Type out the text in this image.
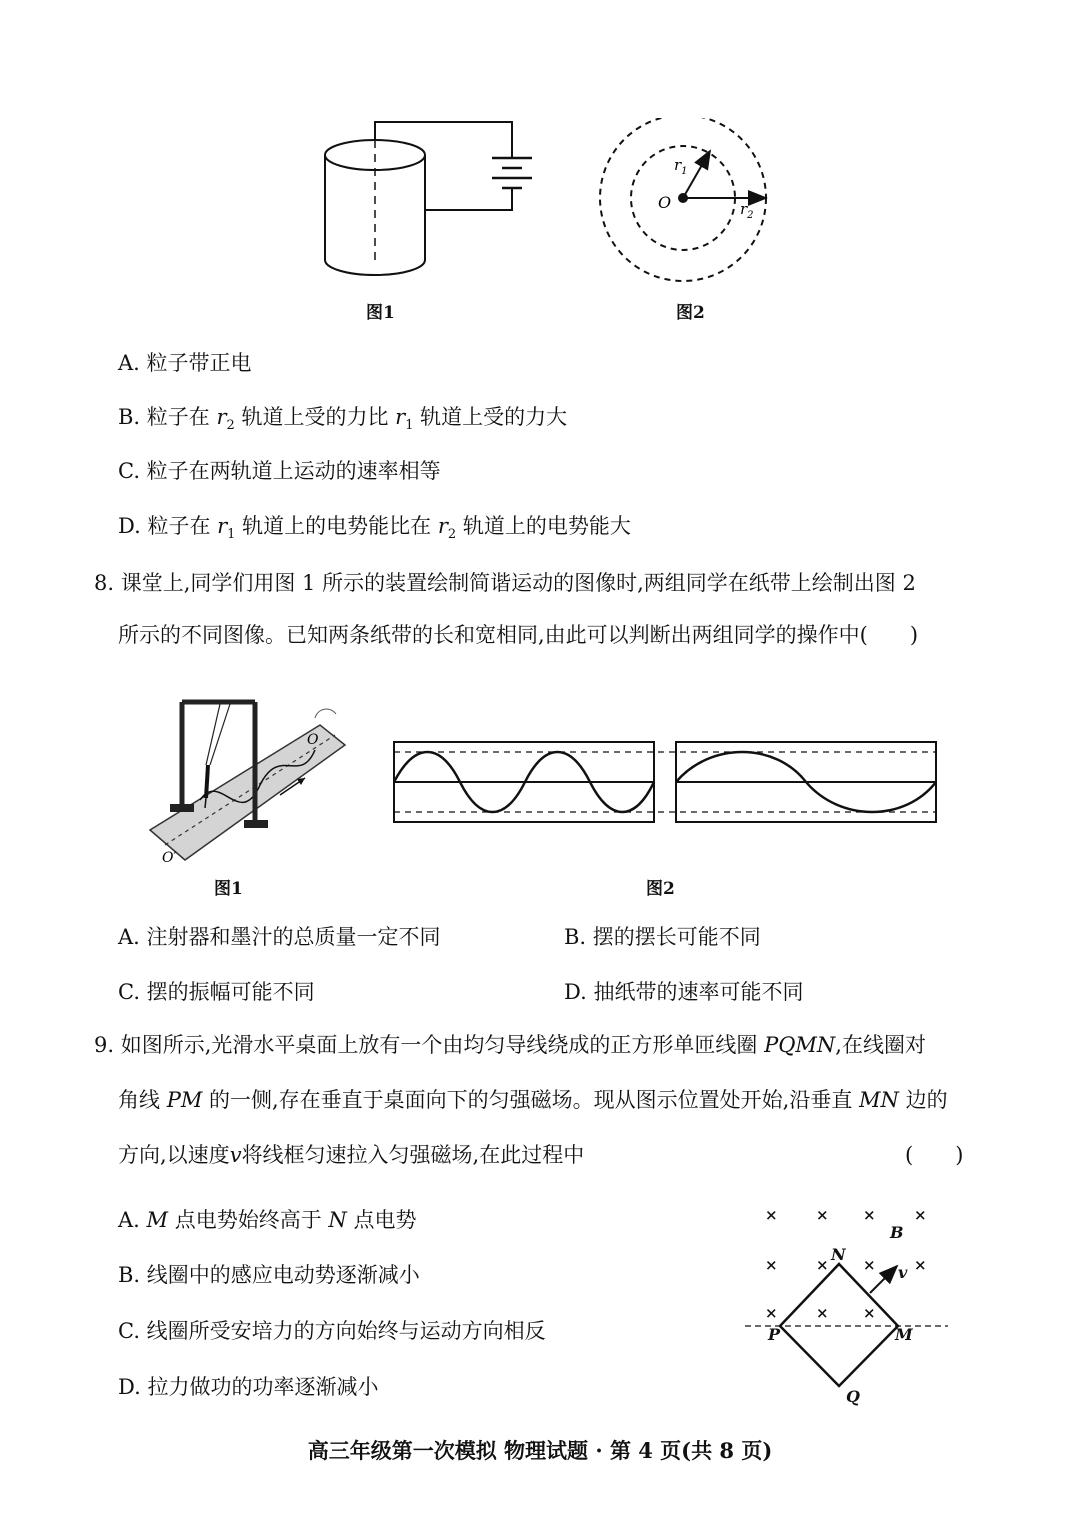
图1
O
$r_1$
$r_2$
图2
A. 粒子带正电
B. 粒子在 $r_2$ 轨道上受的力比 $r_1$ 轨道上受的力大
C. 粒子在两轨道上运动的速率相等
D. 粒子在 $r_1$ 轨道上的电势能比在 $r_2$ 轨道上的电势能大
8. 课堂上,同学们用图 1 所示的装置绘制简谐运动的图像时,两组同学在纸带上绘制出图 2
所示的不同图像。已知两条纸带的长和宽相同,由此可以判断出两组同学的操作中(　　)
O
O′
图1	图2
A. 注射器和墨汁的总质量一定不同	B. 摆的摆长可能不同
C. 摆的振幅可能不同	D. 抽纸带的速率可能不同
9. 如图所示,光滑水平桌面上放有一个由均匀导线绕成的正方形单匝线圈 PQMN,在线圈对
角线 PM 的一侧,存在垂直于桌面向下的匀强磁场。现从图示位置处开始,沿垂直 MN 边的
方向,以速度v将线框匀速拉入匀强磁场,在此过程中	(　　)
A. M 点电势始终高于 N 点电势
B. 线圈中的感应电动势逐渐减小
C. 线圈所受安培力的方向始终与运动方向相反
D. 拉力做功的功率逐渐减小
×	× ×	×
×	× ×	×
×	× ×
B
N
v
P	M
Q
高三年级第一次模拟 物理试题 · 第 4 页(共 8 页)
